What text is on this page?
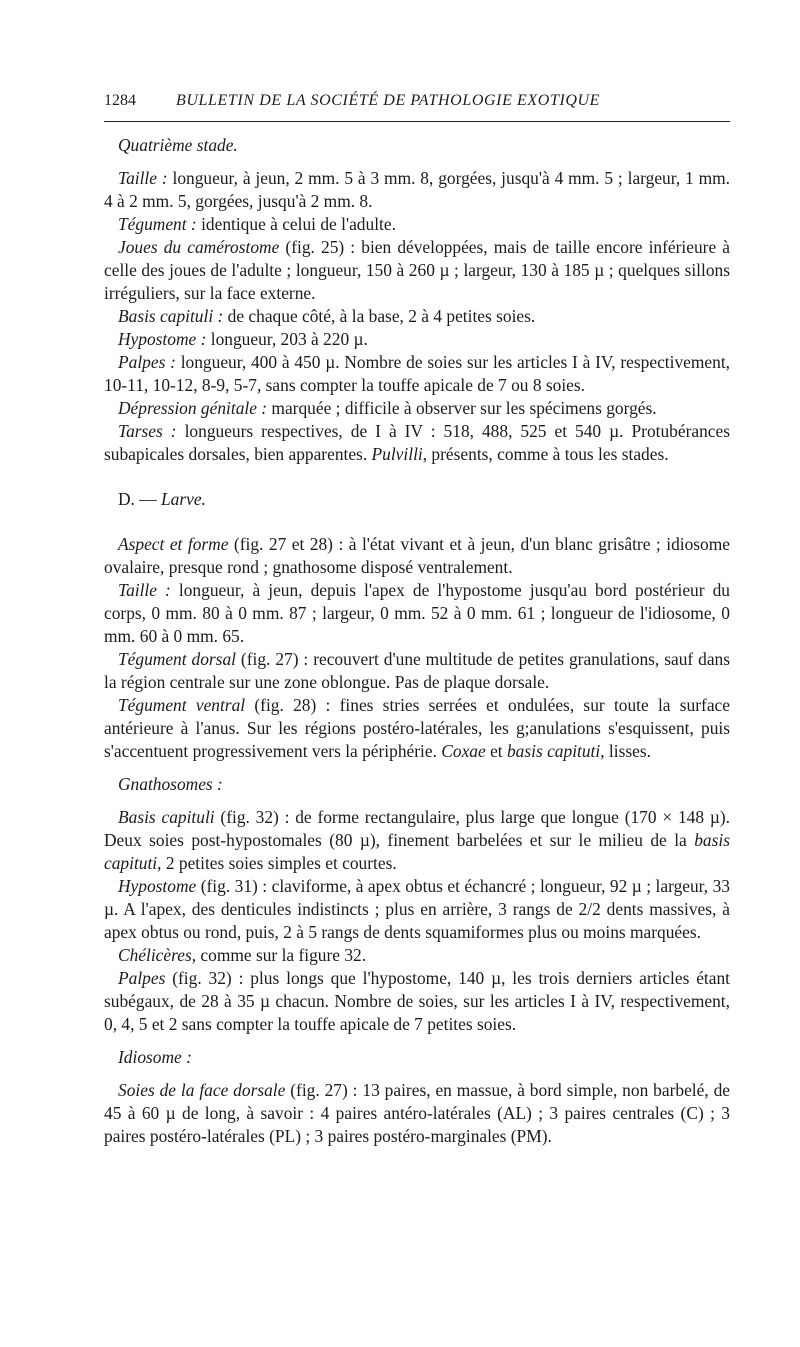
1284	BULLETIN DE LA SOCIÉTÉ DE PATHOLOGIE EXOTIQUE

Quatrième stade.

Taille : longueur, à jeun, 2 mm. 5 à 3 mm. 8, gorgées, jusqu'à 4 mm. 5 ; largeur, 1 mm. 4 à 2 mm. 5, gorgées, jusqu'à 2 mm. 8.

Tégument : identique à celui de l'adulte.

Joues du camérostome (fig. 25) : bien développées, mais de taille encore inférieure à celle des joues de l'adulte ; longueur, 150 à 260 µ ; largeur, 130 à 185 µ ; quelques sillons irréguliers, sur la face externe.

Basis capituli : de chaque côté, à la base, 2 à 4 petites soies.

Hypostome : longueur, 203 à 220 µ.

Palpes : longueur, 400 à 450 µ. Nombre de soies sur les articles I à IV, respectivement, 10-11, 10-12, 8-9, 5-7, sans compter la touffe apicale de 7 ou 8 soies.

Dépression génitale : marquée ; difficile à observer sur les spécimens gorgés.

Tarses : longueurs respectives, de I à IV : 518, 488, 525 et 540 µ. Protubérances subapicales dorsales, bien apparentes. Pulvilli, présents, comme à tous les stades.

D. — Larve.

Aspect et forme (fig. 27 et 28) : à l'état vivant et à jeun, d'un blanc grisâtre ; idiosome ovalaire, presque rond ; gnathosome disposé ventralement.

Taille : longueur, à jeun, depuis l'apex de l'hypostome jusqu'au bord postérieur du corps, 0 mm. 80 à 0 mm. 87 ; largeur, 0 mm. 52 à 0 mm. 61 ; longueur de l'idiosome, 0 mm. 60 à 0 mm. 65.

Tégument dorsal (fig. 27) : recouvert d'une multitude de petites granulations, sauf dans la région centrale sur une zone oblongue. Pas de plaque dorsale.

Tégument ventral (fig. 28) : fines stries serrées et ondulées, sur toute la surface antérieure à l'anus. Sur les régions postéro-latérales, les g;anulations s'esquissent, puis s'accentuent progressivement vers la périphérie. Coxae et basis capituti, lisses.

Gnathosomes :

Basis capituli (fig. 32) : de forme rectangulaire, plus large que longue (170 × 148 µ). Deux soies post-hypostomales (80 µ), finement barbelées et sur le milieu de la basis capituti, 2 petites soies simples et courtes.

Hypostome (fig. 31) : claviforme, à apex obtus et échancré ; longueur, 92 µ ; largeur, 33 µ. A l'apex, des denticules indistincts ; plus en arrière, 3 rangs de 2/2 dents massives, à apex obtus ou rond, puis, 2 à 5 rangs de dents squamiformes plus ou moins marquées.

Chélicères, comme sur la figure 32.

Palpes (fig. 32) : plus longs que l'hypostome, 140 µ, les trois derniers articles étant subégaux, de 28 à 35 µ chacun. Nombre de soies, sur les articles I à IV, respectivement, 0, 4, 5 et 2 sans compter la touffe apicale de 7 petites soies.

Idiosome :

Soies de la face dorsale (fig. 27) : 13 paires, en massue, à bord simple, non barbelé, de 45 à 60 µ de long, à savoir : 4 paires antéro-latérales (AL) ; 3 paires centrales (C) ; 3 paires postéro-latérales (PL) ; 3 paires postéro-marginales (PM).
